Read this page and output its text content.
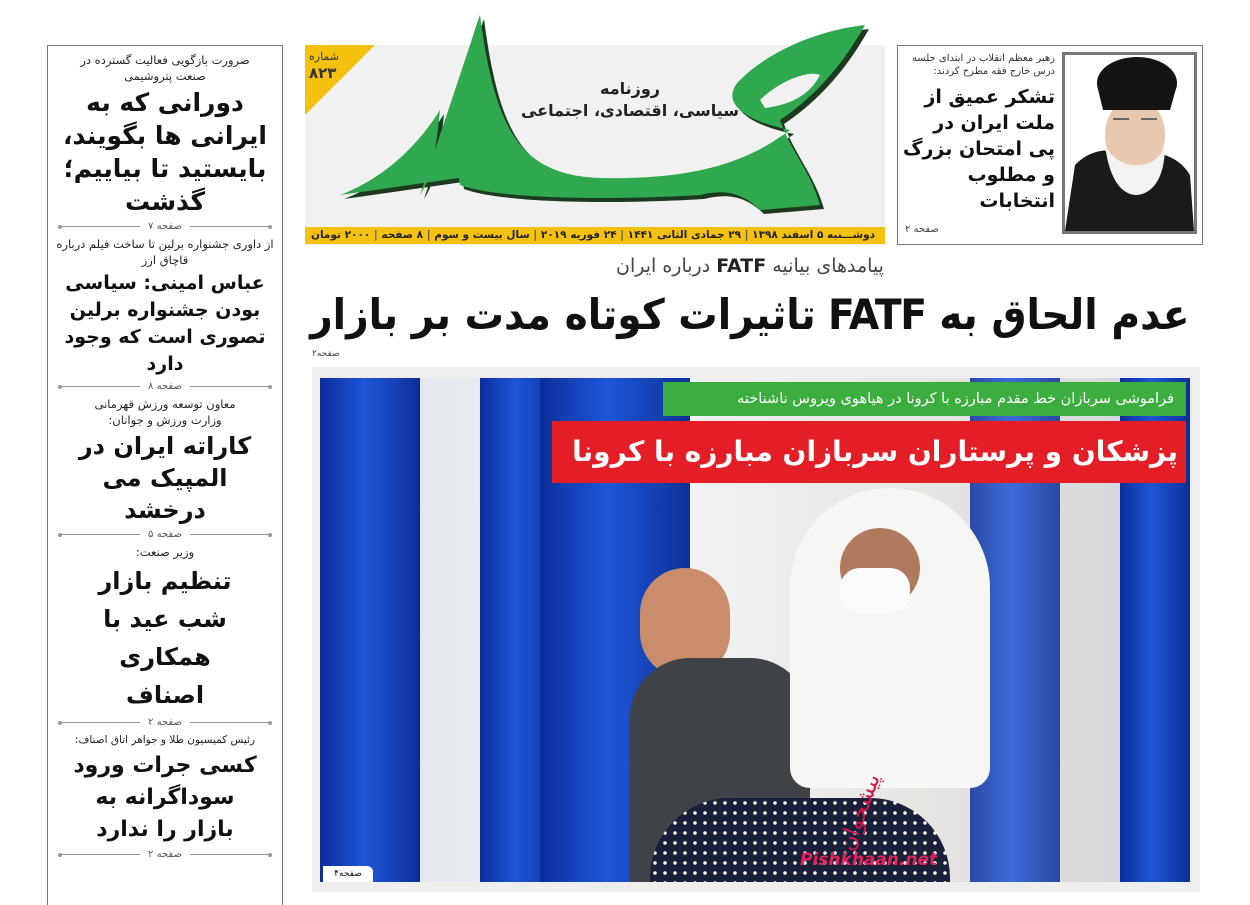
ضرورت بازگویی فعالیت گسترده در صنعت پتروشیمی
دورانی که به ایرانی ها بگویند، بایستید تا بیاییم؛ گذشت
صفحه ۷
از داوری جشنواره برلین تا ساخت فیلم درباره قاچاق ارز
عباس امینی: سیاسی بودن جشنواره برلین تصوری است که وجود دارد
صفحه ۸
معاون توسعه ورزش قهرمانی وزارت ورزش و جوانان:
کاراته ایران در المپیک می درخشد
صفحه ۵
وزیر صنعت:
تنظیم بازار شب عید با همکاری اصناف
صفحه ۲
رئیس کمیسیون طلا و جواهر اتاق اصناف:
کسی جرات ورود سوداگرانه به بازار را ندارد
صفحه ۲
شماره
۸۲۳
روزنامه
سیاسی، اقتصادی، اجتماعی
دوشـــنبه ۵ اسفند ۱۳۹۸ | ۲۹ جمادی الثانی ۱۴۴۱ | ۲۴ فوریه ۲۰۱۹ | سال بیست و سوم | ۸ صفحه | ۲۰۰۰ تومان
رهبر معظم انقلاب در ابتدای جلسه درس خارج فقه مطرح کردند:
تشکر عمیق از ملت ایران در پی امتحان بزرگ و مطلوب انتخابات
صفحه ۲
پیامدهای بیانیه FATF درباره ایران
عدم الحاق به FATF تاثیرات کوتاه مدت بر بازار
صفحه۲
فراموشی سربازان خط مقدم مبارزه با کرونا در هیاهوی ویروس ناشناخته
پزشکان و پرستاران سربازان مبارزه با کرونا
صفحه۴
پیشخوان
Pishkhaan.net
